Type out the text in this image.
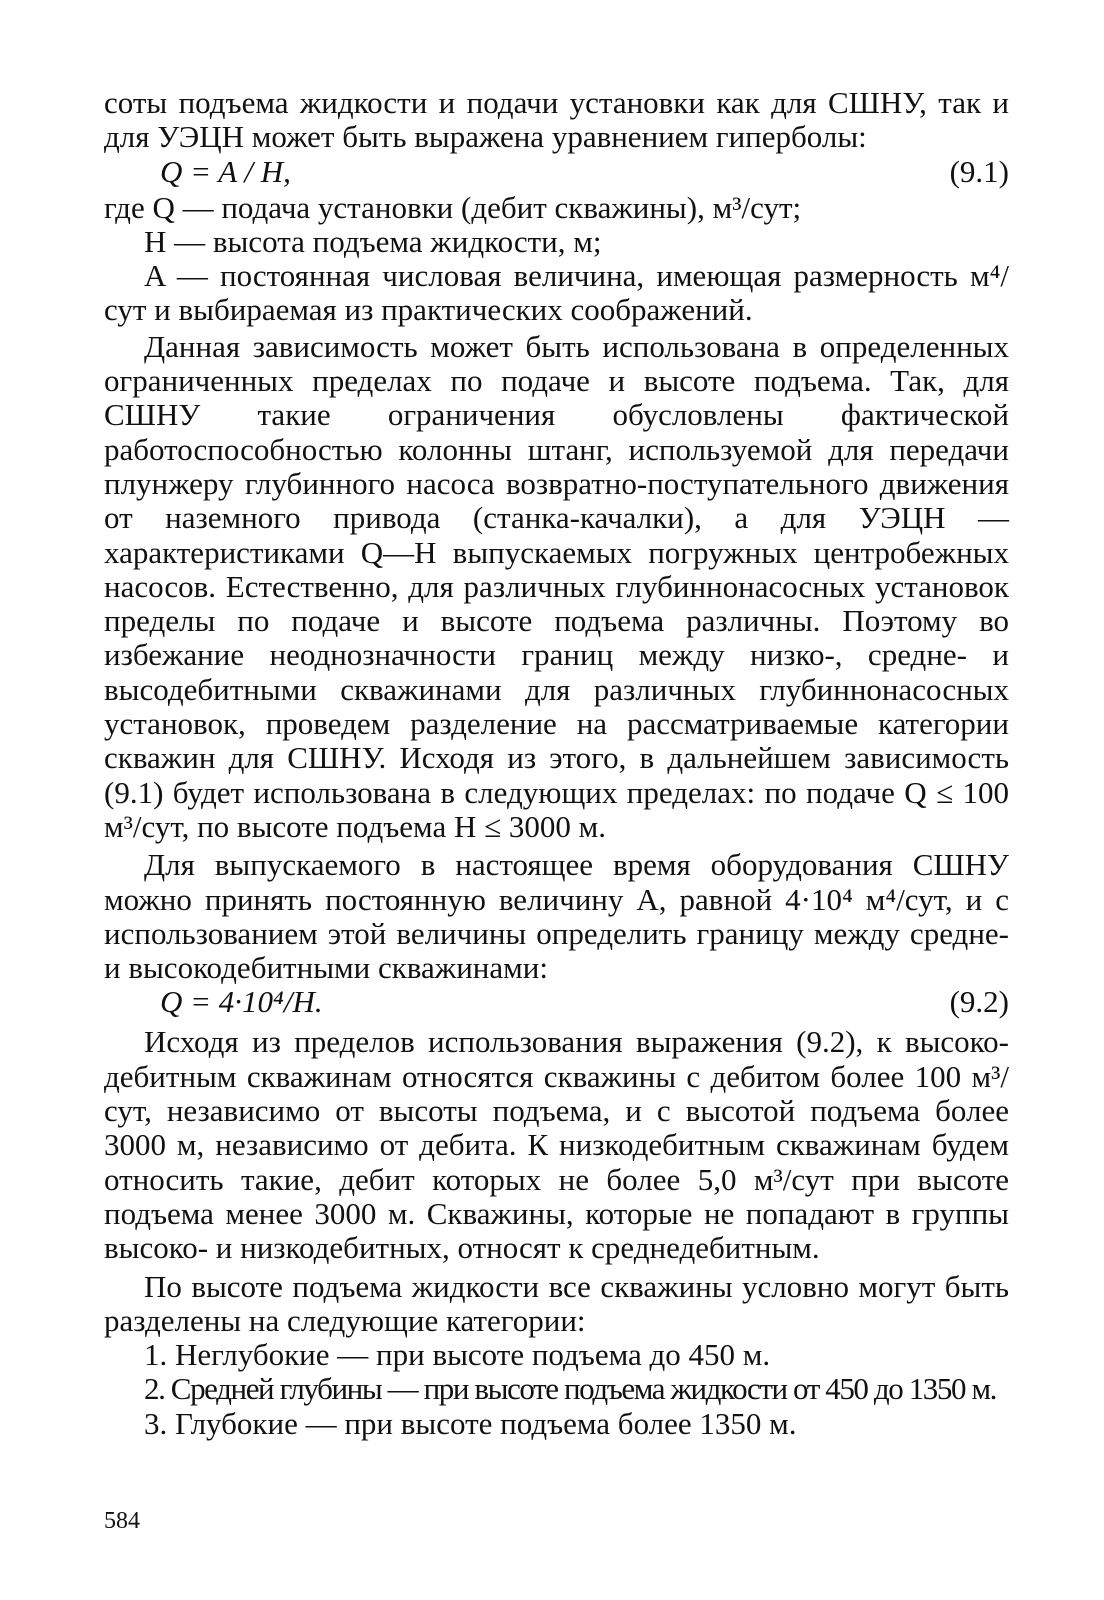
соты подъема жидкости и подачи установки как для СШНУ, так и для УЭЦН может быть выражена уравнением гиперболы:

Q = A / H,	(9.1)

где Q — подача установки (дебит скважины), м³/сут;

H — высота подъема жидкости, м;

A — постоянная числовая величина, имеющая размерность м⁴/сут и выбираемая из практических соображений.

Данная зависимость может быть использована в определенных ограниченных пределах по подаче и высоте подъема. Так, для СШНУ такие ограничения обусловлены фактической работоспособностью колонны штанг, используемой для передачи плунжеру глубинного насоса возвратно-поступательного движения от наземного привода (станка-качалки), а для УЭЦН — характеристиками Q—Н выпускаемых погружных центробежных насосов. Естественно, для различных глубиннонасосных установок пределы по подаче и высоте подъема различны. Поэтому во избежание неоднозначности границ между низко-, средне- и высодебитными скважинами для различных глубиннонасосных установок, проведем разделение на рассматриваемые категории скважин для СШНУ. Исходя из этого, в дальнейшем зависимость (9.1) будет использована в следующих пределах: по подаче Q ≤ 100 м³/сут, по высоте подъема H ≤ 3000 м.

Для выпускаемого в настоящее время оборудования СШНУ можно принять постоянную величину А, равной 4·10⁴ м⁴/сут, и с использованием этой величины определить границу между средне- и высокодебитными скважинами:

Q = 4·10⁴/H.	(9.2)

Исходя из пределов использования выражения (9.2), к высокодебитным скважинам относятся скважины с дебитом более 100 м³/сут, независимо от высоты подъема, и с высотой подъема более 3000 м, независимо от дебита. К низкодебитным скважинам будем относить такие, дебит которых не более 5,0 м³/сут при высоте подъема менее 3000 м. Скважины, которые не попадают в группы высоко- и низкодебитных, относят к среднедебитным.

По высоте подъема жидкости все скважины условно могут быть разделены на следующие категории:

1. Неглубокие — при высоте подъема до 450 м.

2. Средней глубины — при высоте подъема жидкости от 450 до 1350 м.

3. Глубокие — при высоте подъема более 1350 м.

584
